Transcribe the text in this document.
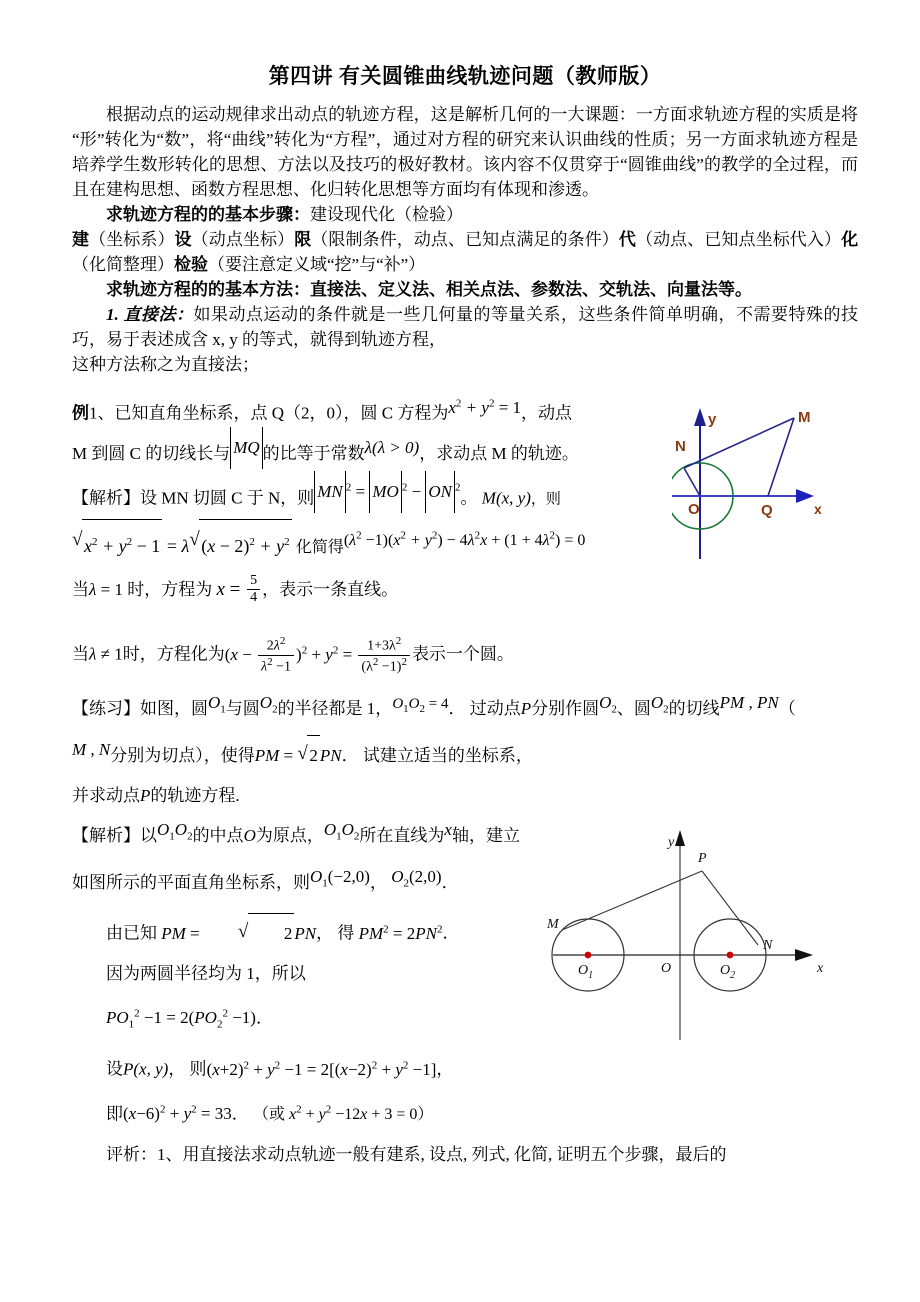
第四讲 有关圆锥曲线轨迹问题（教师版）

根据动点的运动规律求出动点的轨迹方程，这是解析几何的一大课题：一方面求轨迹方程的实质是将“形”转化为“数”，将“曲线”转化为“方程”，通过对方程的研究来认识曲线的性质；另一方面求轨迹方程是培养学生数形转化的思想、方法以及技巧的极好教材。该内容不仅贯穿于“圆锥曲线”的教学的全过程，而且在建构思想、函数方程思想、化归转化思想等方面均有体现和渗透。

求轨迹方程的的基本步骤：建设现代化（检验）

建（坐标系）设（动点坐标）限（限制条件，动点、已知点满足的条件）代（动点、已知点坐标代入）化（化简整理）检验（要注意定义域“挖”与“补”）

求轨迹方程的的基本方法：直接法、定义法、相关点法、参数法、交轨法、向量法等。

1. 直接法：如果动点运动的条件就是一些几何量的等量关系，这些条件简单明确，不需要特殊的技巧，易于表述成含 x, y 的等式，就得到轨迹方程，

这种方法称之为直接法；

例1、已知直角坐标系，点 Q（2，0），圆 C 方程为$x^2 + y^2 = 1$，动点

M 到圆 C 的切线长与 MQ 的比等于常数λ(λ > 0)，求动点 M 的轨迹。

【解析】设 MN 切圆 C 于 N，则 MN $^2$ = MO $^2$ − ON $^2$。 M(x, y)，则

√ $x^2 + y^2 - 1 = \lambda$ √ $(x - 2)^2 + y^2$ 化简得$(\lambda^2 -1)(x^2 + y^2) - 4\lambda^2x + (1 + 4\lambda^2) = 0$

当λ = 1 时，方程为 $x = \frac{5}{4}$ ，表示一条直线。

当λ ≠ 1时，方程化为$(x - \frac{2\lambda^2}{\lambda^2 -1} )^2 + y^2 = \frac{1+3\lambda^2}{(\lambda^2 -1)^2}$ 表示一个圆。

【练习】如图，圆$O_1$与圆$O_2$的半径都是 1，$O_1O_2 = 4$． 过动点P分别作圆$O_2$、圆$O_2$的切线PM , PN（

M , N分别为切点），使得PM = √ 2 PN． 试建立适当的坐标系，

并求动点P的轨迹方程.

【解析】以$O_1O_2$的中点O为原点，$O_1O_2$所在直线为x轴，建立

如图所示的平面直角坐标系，则$O_1(-2,0)$， $O_2(2,0)$．

由已知 PM =	√ 2 PN， 得 $PM^2 = 2PN^2$．

因为两圆半径均为 1，所以

$PO_1^2 -1 = 2(PO_2^2 -1)$．

设P(x, y)， 则$(x+2)^2 + y^2 -1 = 2[(x-2)^2 + y^2 -1]$，

即$(x-6)^2 + y^2 = 33$． （或 $x^2 + y^2 -12x + 3 = 0$）

评析：1、用直接法求动点轨迹一般有建系, 设点, 列式, 化简, 证明五个步骤，最后的

y
x
N
M
O	Q
y
x
O
P
M
N
$O_1$	$O_2$
